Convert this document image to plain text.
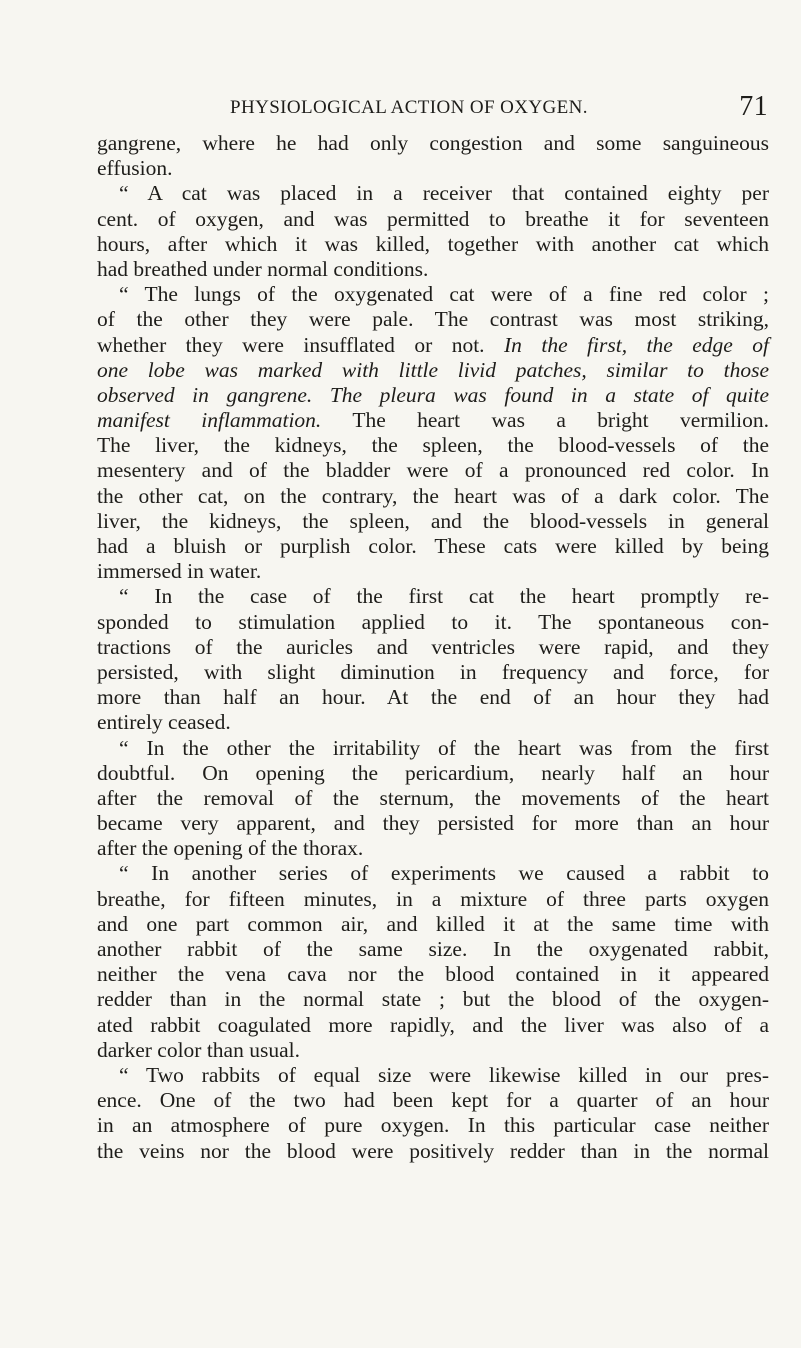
PHYSIOLOGICAL ACTION OF OXYGEN.	71
gangrene, where he had only congestion and some sanguineous
effusion.
“ A cat was placed in a receiver that contained eighty per
cent. of oxygen, and was permitted to breathe it for seventeen
hours, after which it was killed, together with another cat which
had breathed under normal conditions.
“ The lungs of the oxygenated cat were of a fine red color ;
of the other they were pale. The contrast was most striking,
whether they were insufflated or not. In the first, the edge of
one lobe was marked with little livid patches, similar to those
observed in gangrene. The pleura was found in a state of quite
manifest inflammation. The heart was a bright vermilion.
The liver, the kidneys, the spleen, the blood-vessels of the
mesentery and of the bladder were of a pronounced red color. In
the other cat, on the contrary, the heart was of a dark color. The
liver, the kidneys, the spleen, and the blood-vessels in general
had a bluish or purplish color. These cats were killed by being
immersed in water.
“ In the case of the first cat the heart promptly re-
sponded to stimulation applied to it. The spontaneous con-
tractions of the auricles and ventricles were rapid, and they
persisted, with slight diminution in frequency and force, for
more than half an hour. At the end of an hour they had
entirely ceased.
“ In the other the irritability of the heart was from the first
doubtful. On opening the pericardium, nearly half an hour
after the removal of the sternum, the movements of the heart
became very apparent, and they persisted for more than an hour
after the opening of the thorax.
“ In another series of experiments we caused a rabbit to
breathe, for fifteen minutes, in a mixture of three parts oxygen
and one part common air, and killed it at the same time with
another rabbit of the same size. In the oxygenated rabbit,
neither the vena cava nor the blood contained in it appeared
redder than in the normal state ; but the blood of the oxygen-
ated rabbit coagulated more rapidly, and the liver was also of a
darker color than usual.
“ Two rabbits of equal size were likewise killed in our pres-
ence. One of the two had been kept for a quarter of an hour
in an atmosphere of pure oxygen. In this particular case neither
the veins nor the blood were positively redder than in the normal
